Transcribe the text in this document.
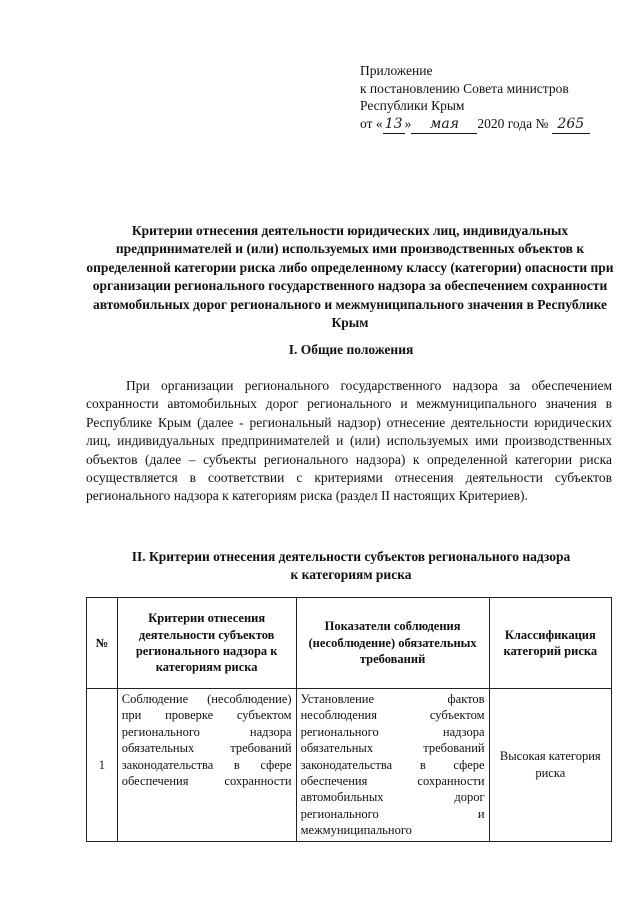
Приложение
к постановлению Совета министров
Республики Крым
от « 13 » мая 2020 года № 265
Критерии отнесения деятельности юридических лиц, индивидуальных предпринимателей и (или) используемых ими производственных объектов к определенной категории риска либо определенному классу (категории) опасности при организации регионального государственного надзора за обеспечением сохранности автомобильных дорог регионального и межмуниципального значения в Республике Крым
I. Общие положения
При организации регионального государственного надзора за обеспечением сохранности автомобильных дорог регионального и межмуниципального значения в Республике Крым (далее - региональный надзор) отнесение деятельности юридических лиц, индивидуальных предпринимателей и (или) используемых ими производственных объектов (далее – субъекты регионального надзора) к определенной категории риска осуществляется в соответствии с критериями отнесения деятельности субъектов регионального надзора к категориям риска (раздел II настоящих Критериев).
II. Критерии отнесения деятельности субъектов регионального надзора
к категориям риска
№	Критерии отнесения деятельности субъектов регионального надзора к категориям риска	Показатели соблюдения (несоблюдение) обязательных требований	Классификация категорий риска
1	Соблюдение (несоблюдение) при проверке субъектом регионального надзора обязательных требований законодательства в сфере обеспечения сохранности	Установление фактов несоблюдения субъектом регионального надзора обязательных требований законодательства в сфере обеспечения сохранности автомобильных дорог регионального и межмуниципального	Высокая категория риска
